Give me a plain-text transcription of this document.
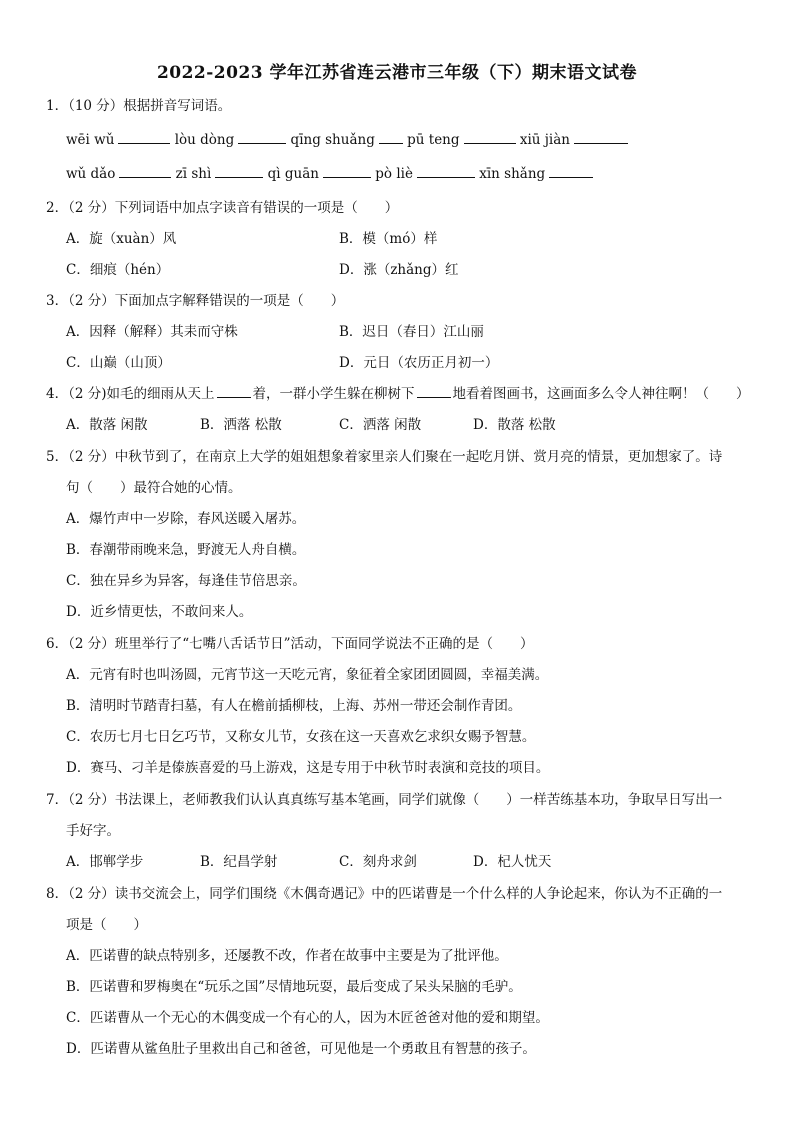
2022-2023 学年江苏省连云港市三年级（下）期末语文试卷
1．（10 分）根据拼音写词语。
wēi wǔ	lòu dòng	qīng shuǎng pū teng	xiū jiàn
wǔ dǎo	zī shì	qì guān	pò liè	xīn shǎng
2．（2 分）下列词语中加点字读音有错误的一项是（　　）
A．旋（xuàn）风	B．模（mó）样
C．细痕（hén）	D．涨（zhǎng）红
3．（2 分）下面加点字解释错误的一项是（　　）
A．因释（解释）其耒而守株	B．迟日（春日）江山丽
C．山巅（山顶）	D．元日（农历正月初一）
4．（2 分)如毛的细雨从天上	着，一群小学生躲在柳树下	地看着图画书，这画面多么令人神往啊！（　　）
A．散落 闲散	B．洒落 松散	C．洒落 闲散	D．散落 松散
5．（2 分）中秋节到了，在南京上大学的姐姐想象着家里亲人们聚在一起吃月饼、赏月亮的情景，更加想家了。诗
句（　　）最符合她的心情。
A．爆竹声中一岁除，春风送暖入屠苏。
B．春潮带雨晚来急，野渡无人舟自横。
C．独在异乡为异客，每逢佳节倍思亲。
D．近乡情更怯，不敢问来人。
6．（2 分）班里举行了“七嘴八舌话节日”活动，下面同学说法不正确的是（　　）
A．元宵有时也叫汤圆，元宵节这一天吃元宵，象征着全家团团圆圆，幸福美满。
B．清明时节踏青扫墓，有人在檐前插柳枝，上海、苏州一带还会制作青团。
C．农历七月七日乞巧节，又称女儿节，女孩在这一天喜欢乞求织女赐予智慧。
D．赛马、刁羊是傣族喜爱的马上游戏，这是专用于中秋节时表演和竞技的项目。
7．（2 分）书法课上，老师教我们认认真真练写基本笔画，同学们就像（　　）一样苦练基本功，争取早日写出一
手好字。
A．邯郸学步	B．纪昌学射	C．刻舟求剑	D．杞人忧天
8．（2 分）读书交流会上，同学们围绕《木偶奇遇记》中的匹诺曹是一个什么样的人争论起来，你认为不正确的一
项是（　　）
A．匹诺曹的缺点特别多，还屡教不改，作者在故事中主要是为了批评他。
B．匹诺曹和罗梅奥在“玩乐之国”尽情地玩耍，最后变成了呆头呆脑的毛驴。
C．匹诺曹从一个无心的木偶变成一个有心的人，因为木匠爸爸对他的爱和期望。
D．匹诺曹从鲨鱼肚子里救出自己和爸爸，可见他是一个勇敢且有智慧的孩子。
